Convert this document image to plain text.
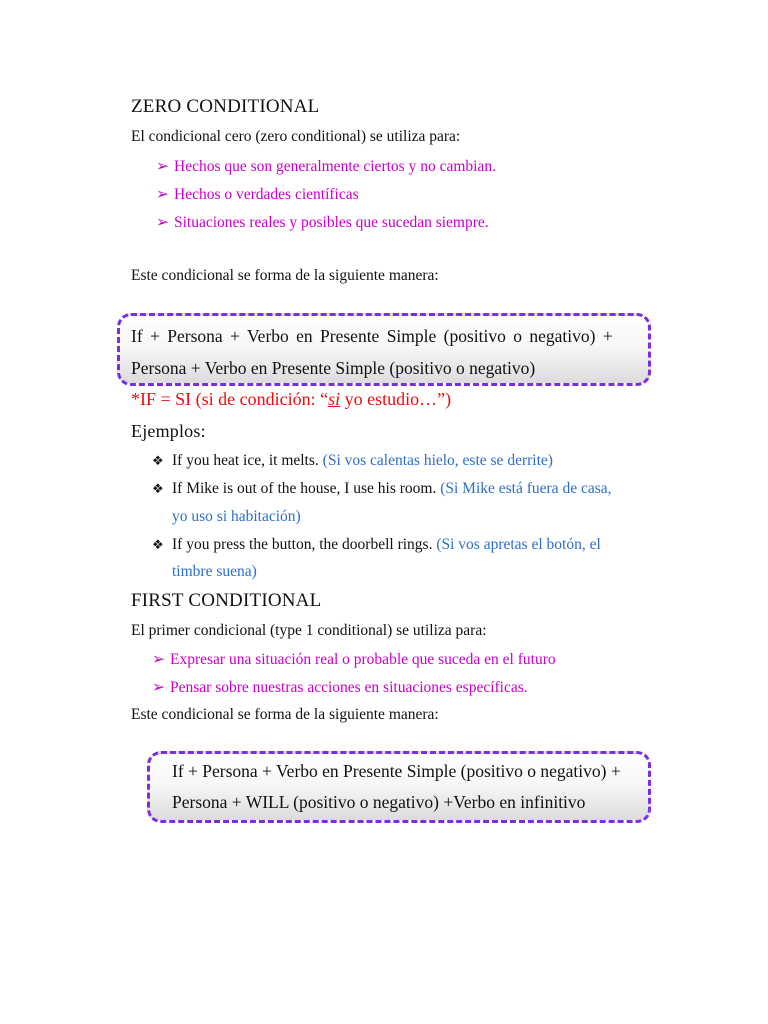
ZERO CONDITIONAL
El condicional cero (zero conditional) se utiliza para:
➢ Hechos que son generalmente ciertos y no cambian.
➢ Hechos o verdades científicas
➢ Situaciones reales y posibles que sucedan siempre.
Este condicional se forma de la siguiente manera:
If + Persona + Verbo en Presente Simple (positivo o negativo) +
Persona + Verbo en Presente Simple (positivo o negativo)
*IF = SI (si de condición: “si yo estudio…”)
Ejemplos:
❖ If you heat ice, it melts. (Si vos calentas hielo, este se derrite)
❖ If Mike is out of the house, I use his room. (Si Mike está fuera de casa,
yo uso si habitación)
❖ If you press the button, the doorbell rings. (Si vos apretas el botón, el
timbre suena)
FIRST CONDITIONAL
El primer condicional (type 1 conditional) se utiliza para:
➢ Expresar una situación real o probable que suceda en el futuro
➢ Pensar sobre nuestras acciones en situaciones específicas.
Este condicional se forma de la siguiente manera:
If + Persona + Verbo en Presente Simple (positivo o negativo) +
Persona + WILL (positivo o negativo) +Verbo en infinitivo
